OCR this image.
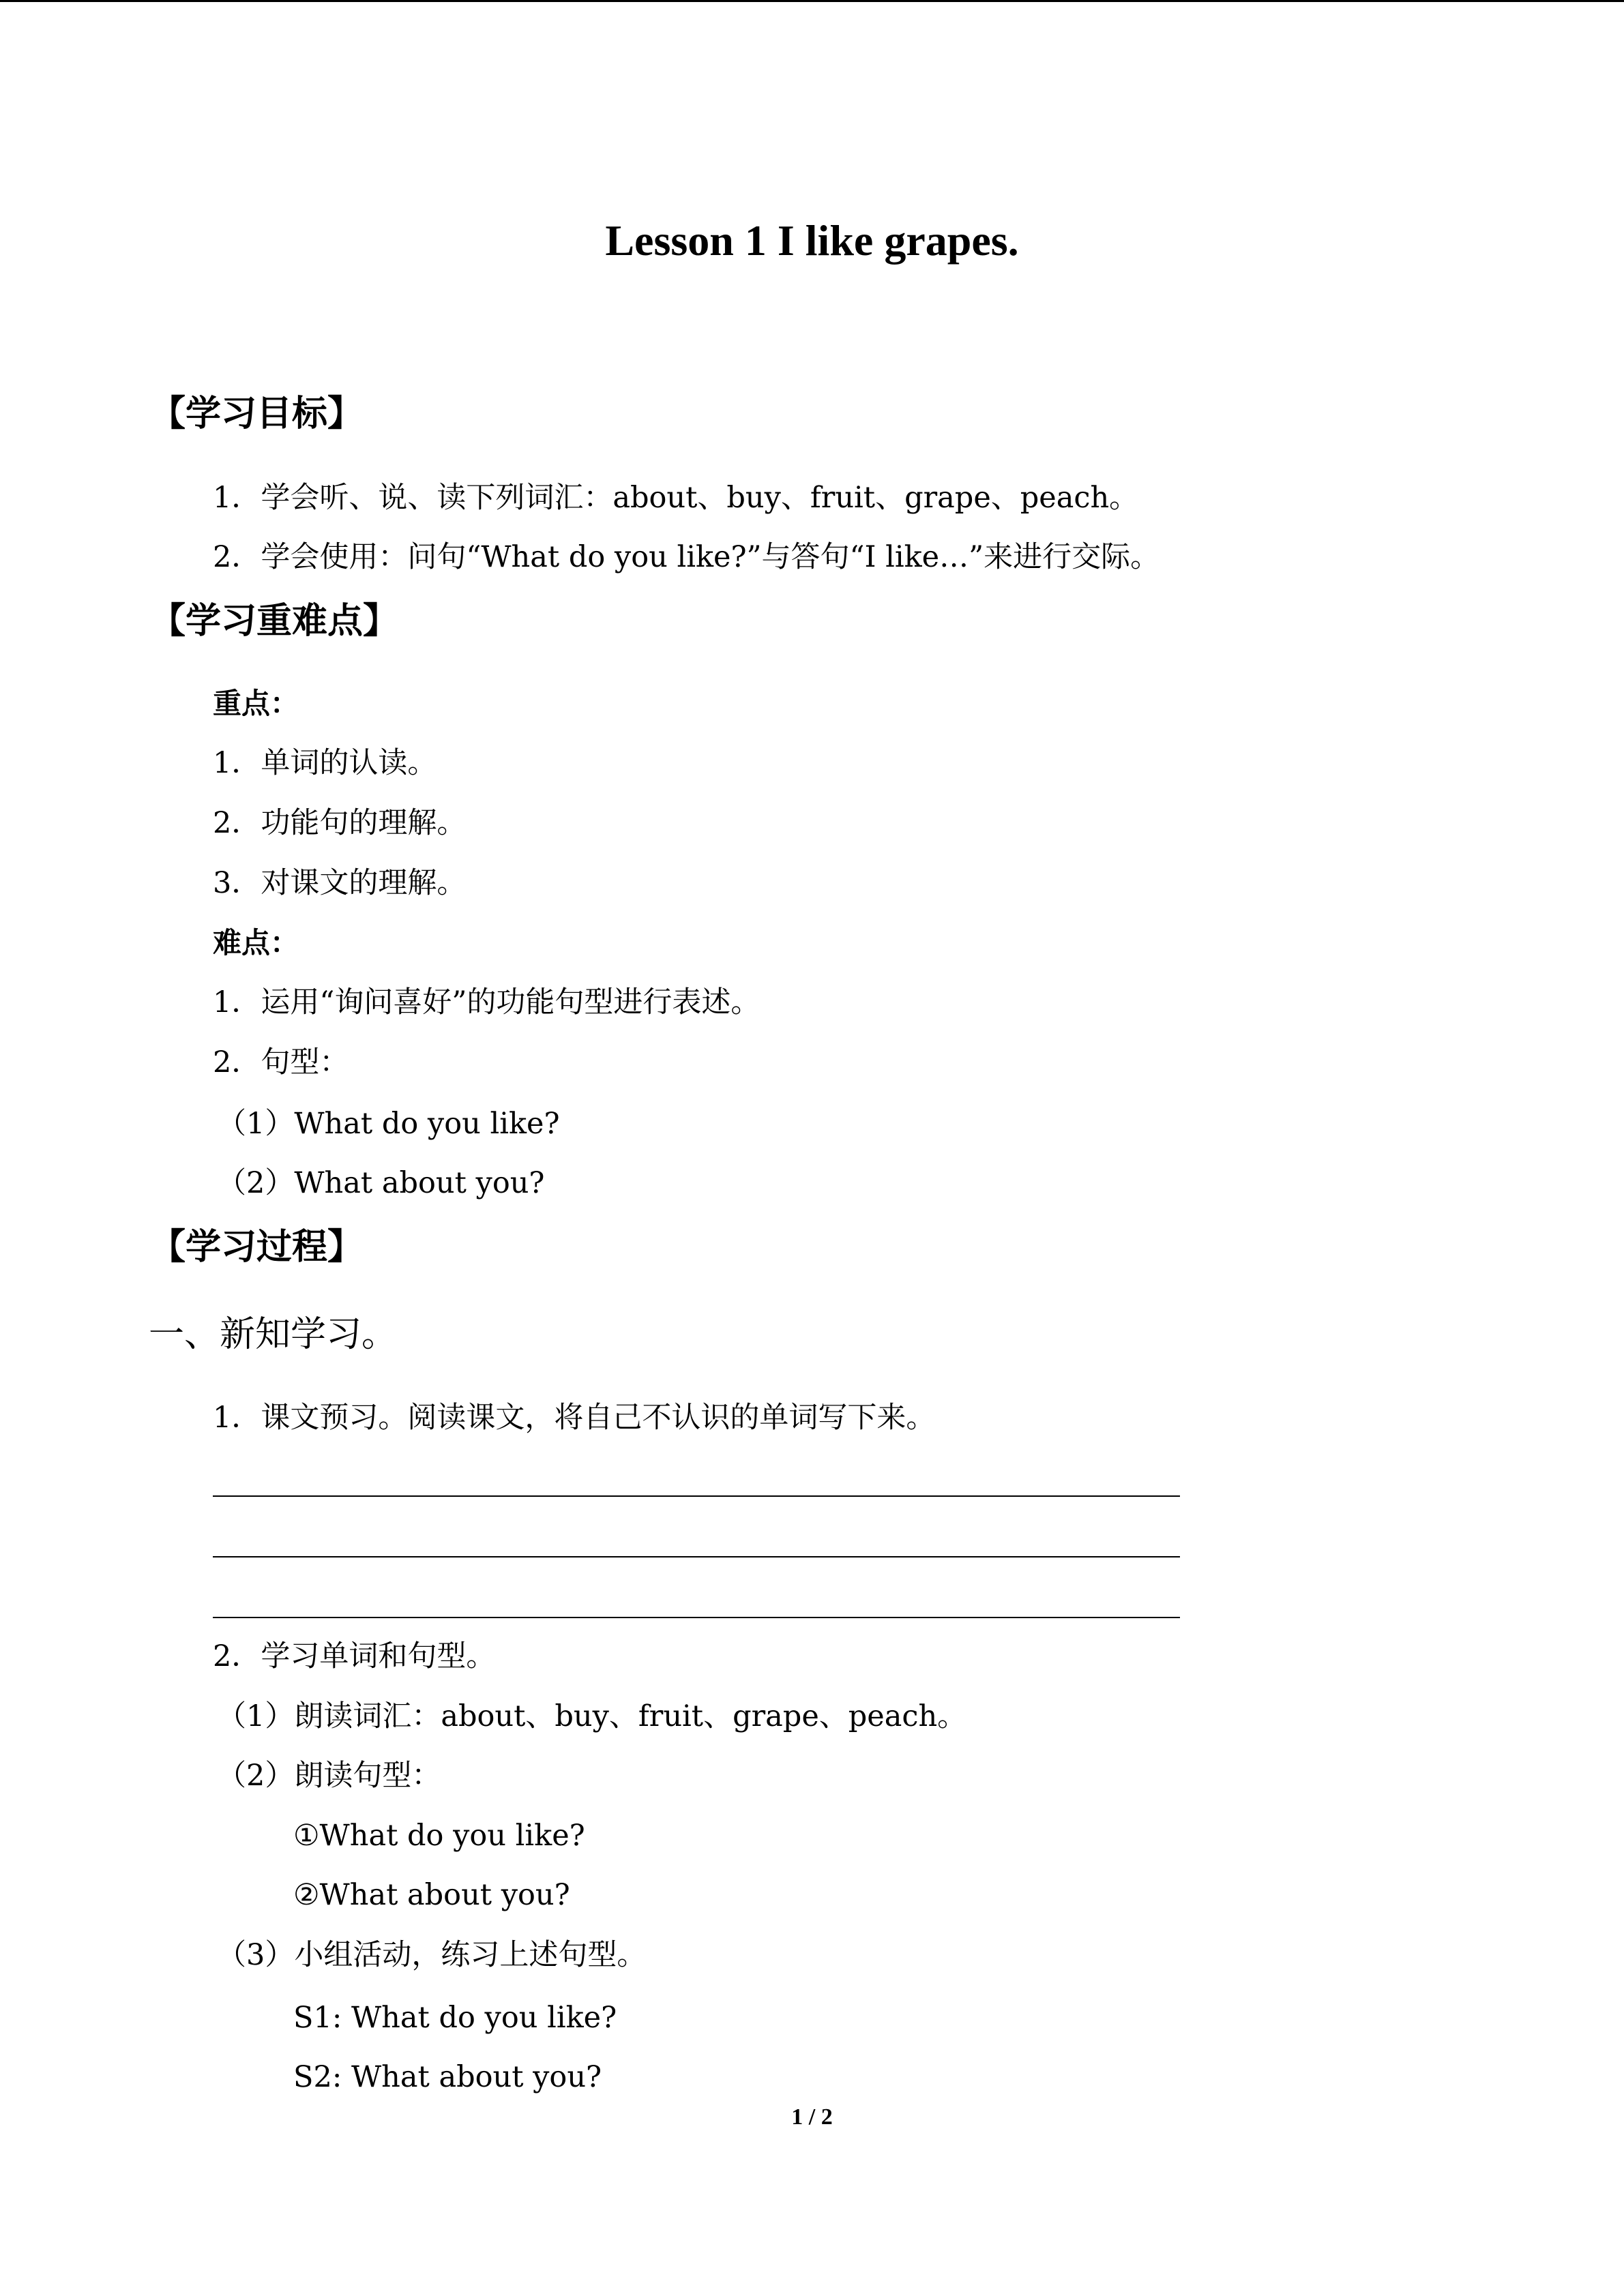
Lesson 1 I like grapes.
【学习目标】
1．学会听、说、读下列词汇：about、buy、fruit、grape、peach。
2．学会使用：问句“What do you like?”与答句“I like…”来进行交际。
【学习重难点】
重点：
1．单词的认读。
2．功能句的理解。
3．对课文的理解。
难点：
1．运用“询问喜好”的功能句型进行表述。
2．句型：
（1）What do you like?
（2）What about you?
【学习过程】
一、新知学习。
1．课文预习。阅读课文，将自己不认识的单词写下来。
2．学习单词和句型。
（1）朗读词汇：about、buy、fruit、grape、peach。
（2）朗读句型：
①What do you like?
②What about you?
（3）小组活动，练习上述句型。
S1: What do you like?
S2: What about you?
1 / 2
